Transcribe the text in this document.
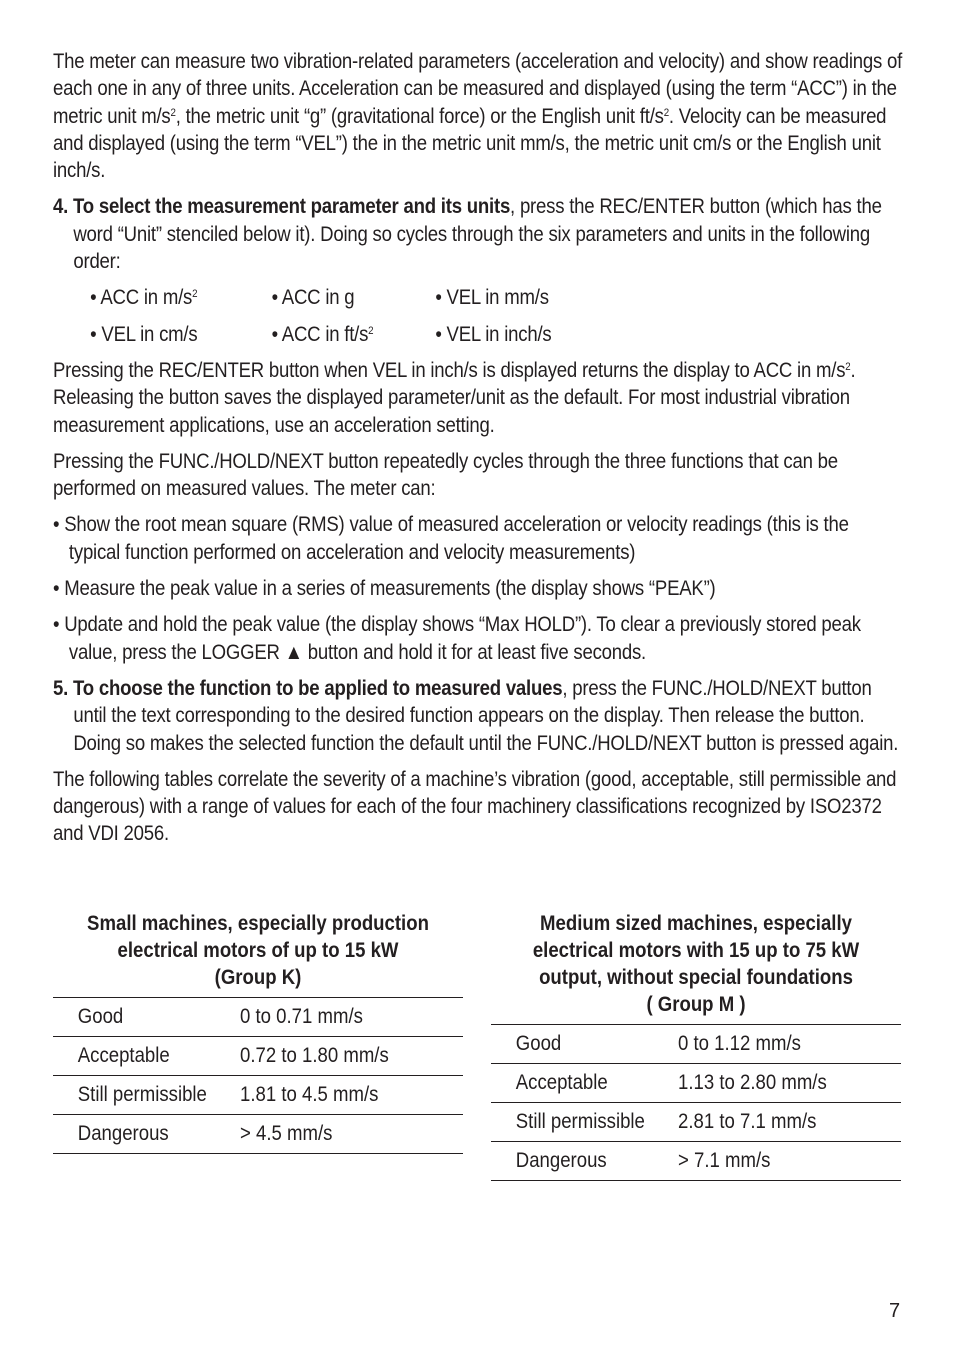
The meter can measure two vibration-related parameters (acceleration and velocity) and show readings of each one in any of three units. Acceleration can be measured and displayed (using the term “ACC”) in the metric unit $m/s^2$, the metric unit “g” (gravitational force) or the English unit $ft/s^2$. Velocity can be measured and displayed (using the term “VEL”) the in the metric unit mm/s, the metric unit cm/s or the English unit inch/s.

4. To select the measurement parameter and its units, press the REC/ENTER button (which has the word “Unit” stenciled below it). Doing so cycles through the six parameters and units in the following order:

• ACC in $m/s^2$	• ACC in g	• VEL in mm/s
• VEL in cm/s	• ACC in $ft/s^2$	• VEL in inch/s

Pressing the REC/ENTER button when VEL in inch/s is displayed returns the display to ACC in $m/s^2$. Releasing the button saves the displayed parameter/unit as the default. For most industrial vibration measurement applications, use an acceleration setting.

Pressing the FUNC./HOLD/NEXT button repeatedly cycles through the three functions that can be performed on measured values. The meter can:

• Show the root mean square (RMS) value of measured acceleration or velocity readings (this is the typical function performed on acceleration and velocity measurements)

• Measure the peak value in a series of measurements (the display shows “PEAK”)

• Update and hold the peak value (the display shows “Max HOLD”). To clear a previously stored peak value, press the LOGGER ▲ button and hold it for at least five seconds.

5. To choose the function to be applied to measured values, press the FUNC./HOLD/NEXT button until the text corresponding to the desired function appears on the display. Then release the button. Doing so makes the selected function the default until the FUNC./HOLD/NEXT button is pressed again.

The following tables correlate the severity of a machine’s vibration (good, acceptable, still permissible and dangerous) with a range of values for each of the four machinery classifications recognized by ISO2372 and VDI 2056.

Small machines, especially production
electrical motors of up to 15 kW
(Group K)
Good	0 to 0.71 mm/s
Acceptable	0.72 to 1.80 mm/s
Still permissible	1.81 to 4.5 mm/s
Dangerous	> 4.5 mm/s
Medium sized machines, especially
electrical motors with 15 up to 75 kW
output, without special foundations
( Group M )
Good	0 to 1.12 mm/s
Acceptable	1.13 to 2.80 mm/s
Still permissible	2.81 to 7.1 mm/s
Dangerous	> 7.1 mm/s
7
